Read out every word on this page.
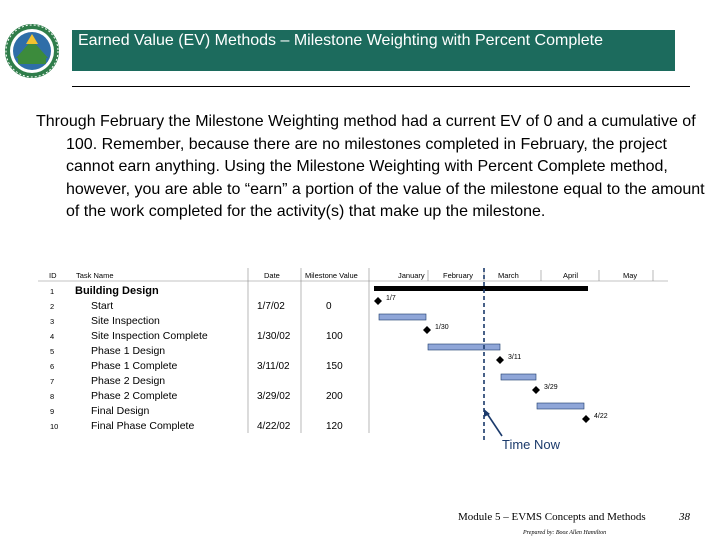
Earned Value (EV) Methods – Milestone Weighting with Percent Complete

Through February the Milestone Weighting method had a current EV of 0 and a cumulative of 100. Remember, because there are no milestones completed in February, the project cannot earn anything. Using the Milestone Weighting with Percent Complete method, however, you are able to “earn” a portion of the value of the milestone equal to the amount of the work completed for the activity(s) that make up the milestone.

ID	Task Name	Date	Milestone Value	January February	March	April	May
1 Building Design
2	Start	1/7/02	0
3	Site Inspection
4	Site Inspection Complete	1/30/02	100
5	Phase 1 Design
6	Phase 1 Complete	3/11/02	150
7	Phase 2 Design
8	Phase 2 Complete	3/29/02	200
9	Final Design
10	Final Phase Complete	4/22/02	120
1/7
1/30
3/11
3/29
4/22
Time Now
Module 5 – EVMS Concepts and Methods	38
Prepared by: Booz Allen Hamilton
